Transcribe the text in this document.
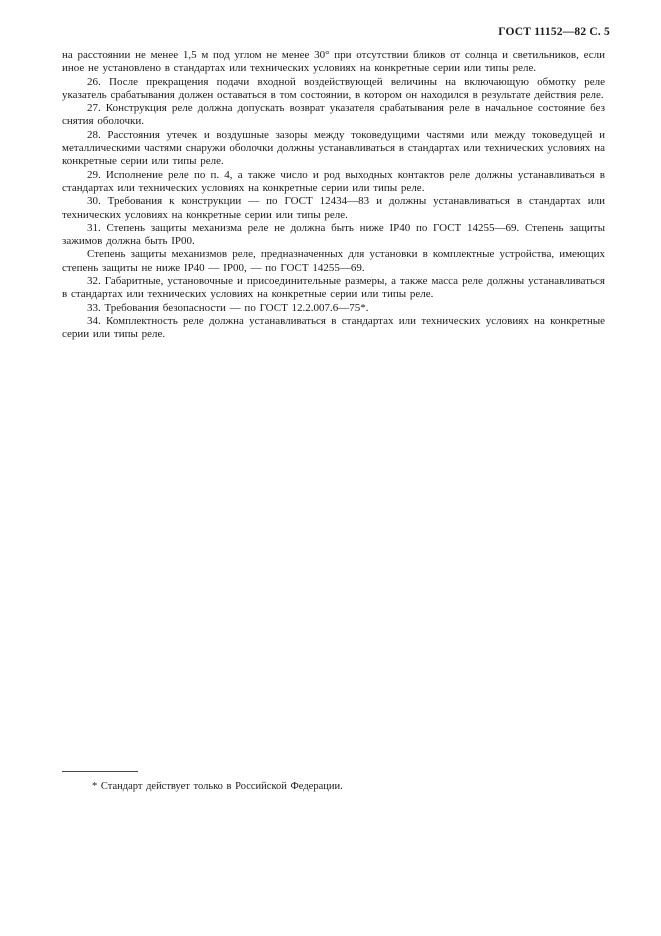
ГОСТ 11152—82 С. 5

на расстоянии не менее 1,5 м под углом не менее 30° при отсутствии бликов от солнца и светильников, если иное не установлено в стандартах или технических условиях на конкретные серии или типы реле.

26. После прекращения подачи входной воздействующей величины на включающую обмотку реле указатель срабатывания должен оставаться в том состоянии, в котором он находился в результате действия реле.

27. Конструкция реле должна допускать возврат указателя срабатывания реле в начальное состояние без снятия оболочки.

28. Расстояния утечек и воздушные зазоры между токоведущими частями или между токоведущей и металлическими частями снаружи оболочки должны устанавливаться в стандартах или технических условиях на конкретные серии или типы реле.

29. Исполнение реле по п. 4, а также число и род выходных контактов реле должны устанавливаться в стандартах или технических условиях на конкретные серии или типы реле.

30. Требования к конструкции — по ГОСТ 12434—83 и должны устанавливаться в стандартах или технических условиях на конкретные серии или типы реле.

31. Степень защиты механизма реле не должна быть ниже IP40 по ГОСТ 14255—69. Степень защиты зажимов должна быть IP00.

Степень защиты механизмов реле, предназначенных для установки в комплектные устройства, имеющих степень защиты не ниже IP40 — IP00, — по ГОСТ 14255—69.

32. Габаритные, установочные и присоединительные размеры, а также масса реле должны устанавливаться в стандартах или технических условиях на конкретные серии или типы реле.

33. Требования безопасности — по ГОСТ 12.2.007.6—75*.

34. Комплектность реле должна устанавливаться в стандартах или технических условиях на конкретные серии или типы реле.

* Стандарт действует только в Российской Федерации.
